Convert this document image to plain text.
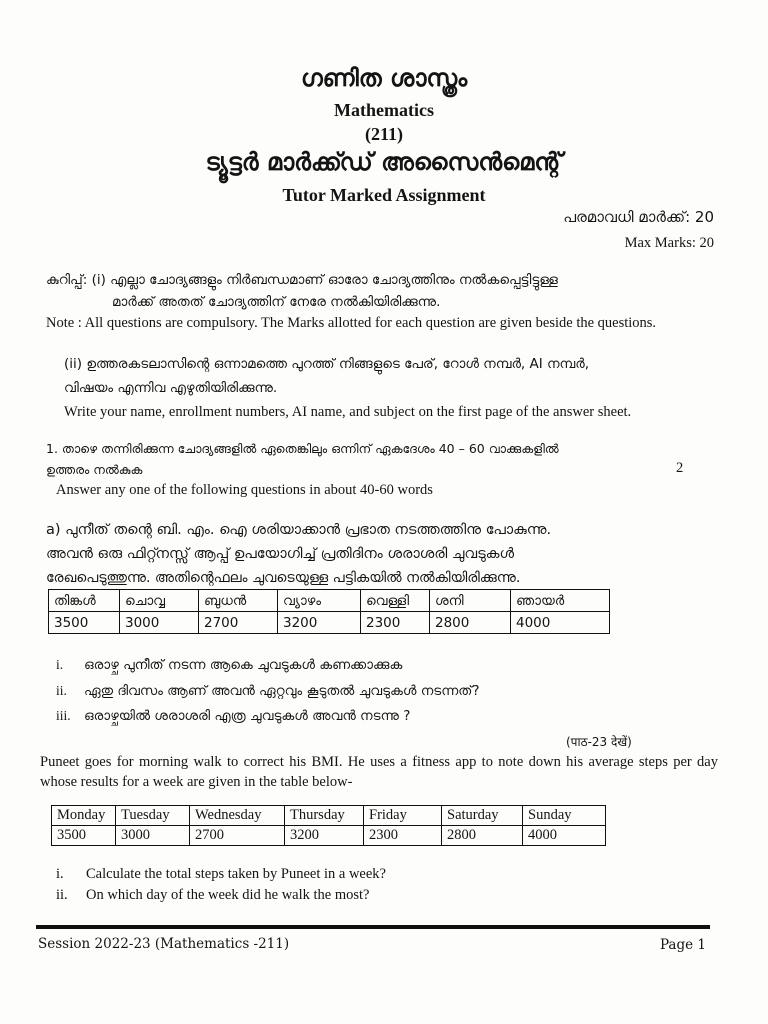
ഗണിത ശാസ്ത്രം
Mathematics
(211)
ട്യൂട്ടർ മാർക്ക്ഡ് അസൈൻമെന്റ്
Tutor Marked Assignment
പരമാവധി മാർക്ക്: 20
Max Marks: 20
കുറിപ്പ്: (i) എല്ലാ ചോദ്യങ്ങളും നിർബന്ധമാണ് ഓരോ ചോദ്യത്തിനും നൽകപ്പെട്ടിട്ടുള്ള
മാർക്ക് അതത് ചോദ്യത്തിന് നേരേ നൽകിയിരിക്കുന്നു.
Note : All questions are compulsory. The Marks allotted for each question are given beside the questions.
(ii) ഉത്തരകടലാസിന്റെ ഒന്നാമത്തെ പുറത്ത് നിങ്ങളുടെ പേര്, റോൾ നമ്പർ, AI നമ്പർ,
വിഷയം എന്നിവ എഴുതിയിരിക്കുന്നു.
Write your name, enrollment numbers, AI name, and subject on the first page of the answer sheet.
1. താഴെ തന്നിരിക്കുന്ന ചോദ്യങ്ങളിൽ ഏതെങ്കിലും ഒന്നിന് ഏകദേശം 40 – 60 വാക്കുകളിൽ
ഉത്തരം നൽകുക	2
Answer any one of the following questions in about 40-60 words
a) പുനീത് തന്റെ ബി. എം. ഐ ശരിയാക്കാൻ പ്രഭാത നടത്തത്തിനു പോകുന്നു.
അവൻ ഒരു ഫിറ്റ്നസ്സ് ആപ്പ് ഉപയോഗിച്ച് പ്രതിദിനം ശരാശരി ചുവടുകൾ
രേഖപെടുത്തുന്നു. അതിന്റെഫലം ചുവടെയുള്ള പട്ടികയിൽ നൽകിയിരിക്കുന്നു.
തിങ്കൾ	ചൊവ്വ	ബുധൻ	വ്യാഴം	വെള്ളി	ശനി	ഞായർ
3500	3000	2700	3200	2300	2800	4000
i. ഒരാഴ്ച പുനീത് നടന്ന ആകെ ചുവടുകൾ കണക്കാക്കുക
ii. ഏതു ദിവസം ആണ് അവൻ ഏറ്റവും കൂടുതൽ ചുവടുകൾ നടന്നത്?
iii. ഒരാഴ്ചയിൽ ശരാശരി എത്ര ചുവടുകൾ അവൻ നടന്നു ?
(पाठ-23 देखें)
Puneet goes for morning walk to correct his BMI. He uses a fitness app to note down his average steps per day whose results for a week are given in the table below-
Monday	Tuesday	Wednesday	Thursday	Friday	Saturday	Sunday
3500	3000	2700	3200	2300	2800	4000
i. Calculate the total steps taken by Puneet in a week?
ii. On which day of the week did he walk the most?
Session 2022-23 (Mathematics -211)	Page 1
